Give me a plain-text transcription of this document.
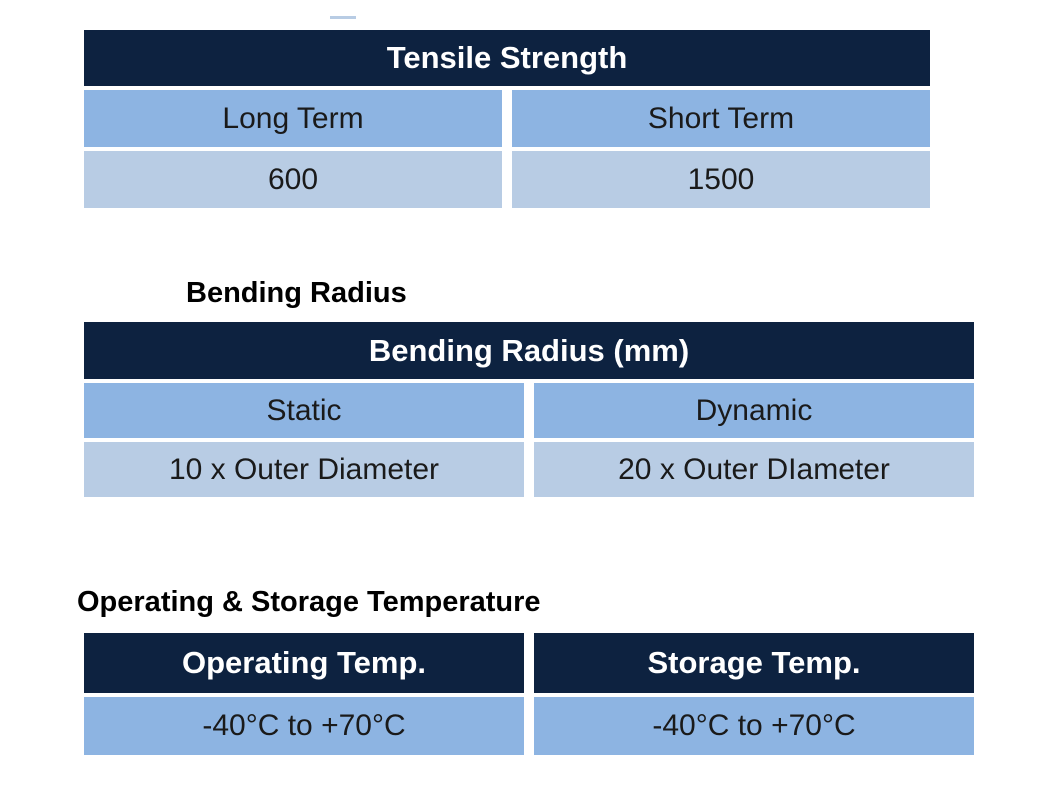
Tensile Strength
Long Term	Short Term
600	1500
Bending Radius
Bending Radius (mm)
Static	Dynamic
10 x Outer Diameter	20 x Outer DIameter
Operating & Storage Temperature
Operating Temp.	Storage Temp.
-40°C to +70°C	-40°C to +70°C
